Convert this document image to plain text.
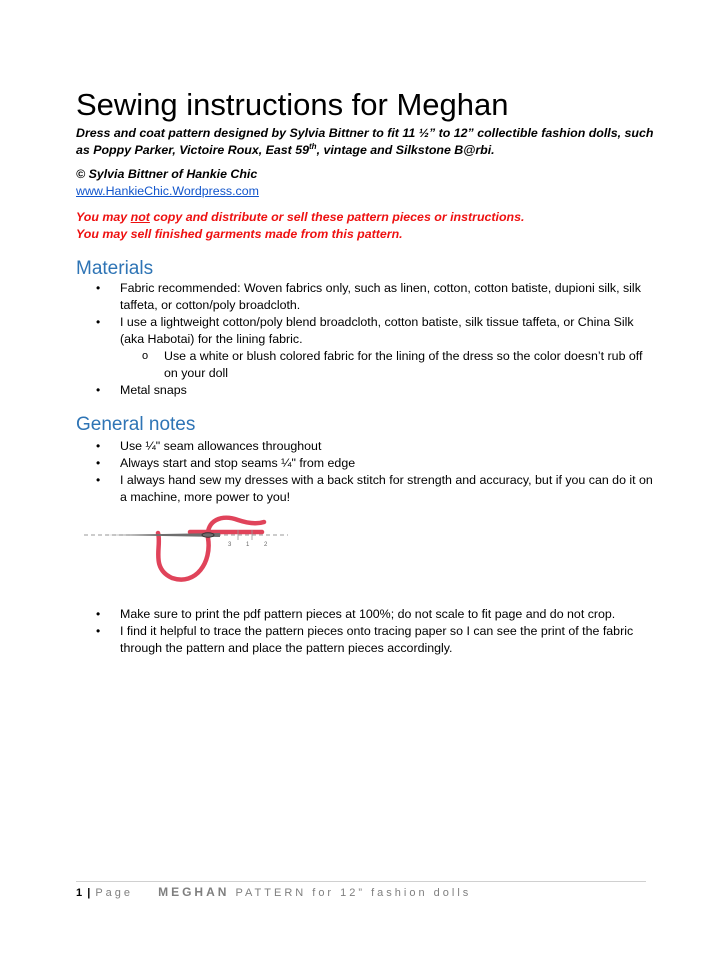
Sewing instructions for Meghan

Dress and coat pattern designed by Sylvia Bittner to fit 11 ½” to 12” collectible fashion dolls, such as Poppy Parker, Victoire Roux, East 59th, vintage and Silkstone B@rbi.

© Sylvia Bittner of Hankie Chic

www.HankieChic.Wordpress.com
You may not copy and distribute or sell these pattern pieces or instructions.
You may sell finished garments made from this pattern.
Materials
•	Fabric recommended: Woven fabrics only, such as linen, cotton, cotton batiste, dupioni silk, silk taffeta, or cotton/poly broadcloth.
•	I use a lightweight cotton/poly blend broadcloth, cotton batiste, silk tissue taffeta, or China Silk (aka Habotai) for the lining fabric.
o Use a white or blush colored fabric for the lining of the dress so the color doesn’t rub off on your doll
•	Metal snaps
General notes
•	Use ¼" seam allowances throughout
•	Always start and stop seams ¼" from edge
•	I always hand sew my dresses with a back stitch for strength and accuracy, but if you can do it on a machine, more power to you!
3 1 2
•	Make sure to print the pdf pattern pieces at 100%; do not scale to fit page and do not crop.
•	I find it helpful to trace the pattern pieces onto tracing paper so I can see the print of the fabric through the pattern and place the pattern pieces accordingly.
1 | Page MEGHAN PATTERN for 12” fashion dolls
